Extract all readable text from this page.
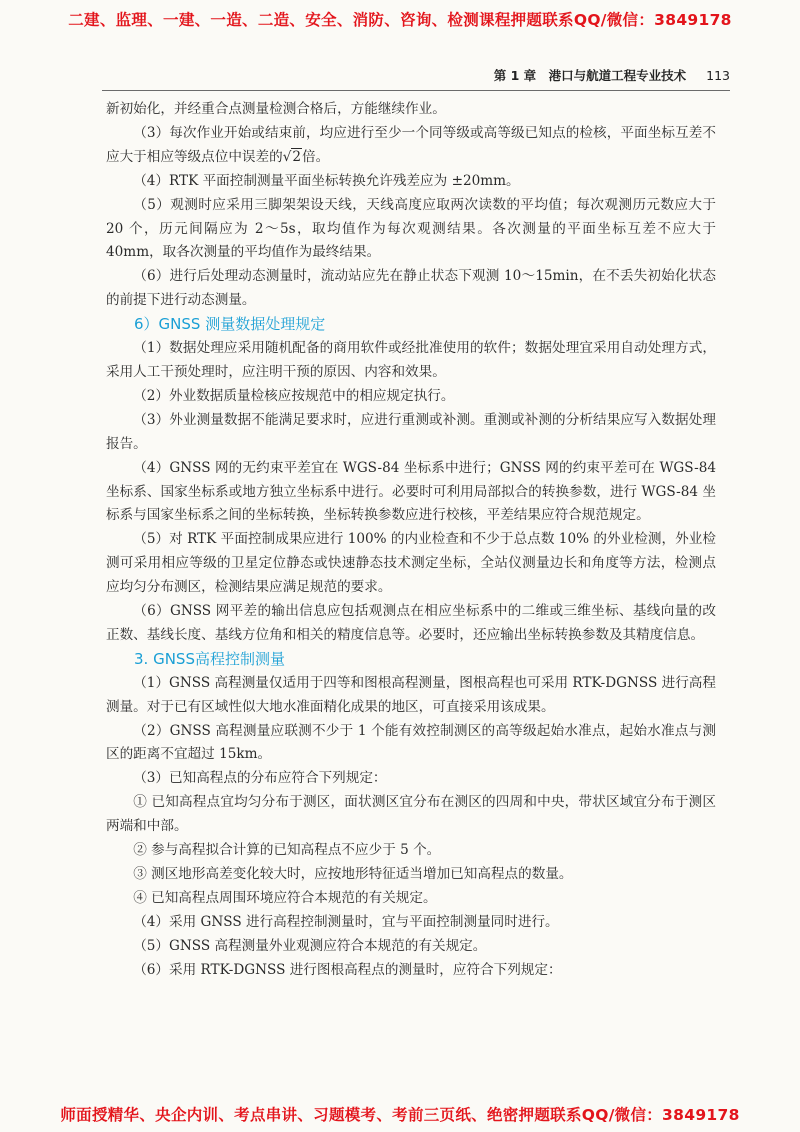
二建、监理、一建、一造、二造、安全、消防、咨询、检测课程押题联系QQ/微信：3849178
第 1 章　港口与航道工程专业技术 113

新初始化，并经重合点测量检测合格后，方能继续作业。

（3）每次作业开始或结束前，均应进行至少一个同等级或高等级已知点的检核，平面坐标互差不应大于相应等级点位中误差的√2倍。

（4）RTK 平面控制测量平面坐标转换允许残差应为 ±20mm。

（5）观测时应采用三脚架架设天线，天线高度应取两次读数的平均值；每次观测历元数应大于 20 个，历元间隔应为 2～5s，取均值作为每次观测结果。各次测量的平面坐标互差不应大于 40mm，取各次测量的平均值作为最终结果。

（6）进行后处理动态测量时，流动站应先在静止状态下观测 10～15min，在不丢失初始化状态的前提下进行动态测量。

6）GNSS 测量数据处理规定

（1）数据处理应采用随机配备的商用软件或经批准使用的软件；数据处理宜采用自动处理方式，采用人工干预处理时，应注明干预的原因、内容和效果。

（2）外业数据质量检核应按规范中的相应规定执行。

（3）外业测量数据不能满足要求时，应进行重测或补测。重测或补测的分析结果应写入数据处理报告。

（4）GNSS 网的无约束平差宜在 WGS-84 坐标系中进行；GNSS 网的约束平差可在 WGS-84 坐标系、国家坐标系或地方独立坐标系中进行。必要时可利用局部拟合的转换参数，进行 WGS-84 坐标系与国家坐标系之间的坐标转换，坐标转换参数应进行校核，平差结果应符合规范规定。

（5）对 RTK 平面控制成果应进行 100% 的内业检查和不少于总点数 10% 的外业检测，外业检测可采用相应等级的卫星定位静态或快速静态技术测定坐标，全站仪测量边长和角度等方法，检测点应均匀分布测区，检测结果应满足规范的要求。

（6）GNSS 网平差的输出信息应包括观测点在相应坐标系中的二维或三维坐标、基线向量的改正数、基线长度、基线方位角和相关的精度信息等。必要时，还应输出坐标转换参数及其精度信息。

3. GNSS高程控制测量

（1）GNSS 高程测量仅适用于四等和图根高程测量，图根高程也可采用 RTK-DGNSS 进行高程测量。对于已有区域性似大地水准面精化成果的地区，可直接采用该成果。

（2）GNSS 高程测量应联测不少于 1 个能有效控制测区的高等级起始水准点，起始水准点与测区的距离不宜超过 15km。

（3）已知高程点的分布应符合下列规定：

① 已知高程点宜均匀分布于测区，面状测区宜分布在测区的四周和中央，带状区域宜分布于测区两端和中部。

② 参与高程拟合计算的已知高程点不应少于 5 个。

③ 测区地形高差变化较大时，应按地形特征适当增加已知高程点的数量。

④ 已知高程点周围环境应符合本规范的有关规定。

（4）采用 GNSS 进行高程控制测量时，宜与平面控制测量同时进行。

（5）GNSS 高程测量外业观测应符合本规范的有关规定。

（6）采用 RTK-DGNSS 进行图根高程点的测量时，应符合下列规定：

师面授精华、央企内训、考点串讲、习题模考、考前三页纸、绝密押题联系QQ/微信：3849178
